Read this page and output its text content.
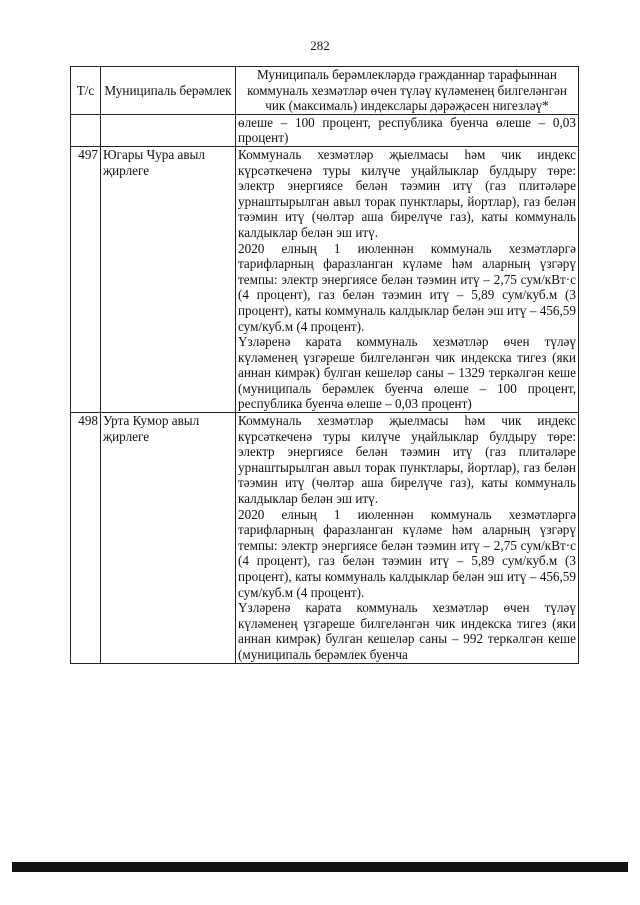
282
Т/с	Муниципаль берәмлек	Муниципаль берәмлекләрдә гражданнар тарафыннан коммуналь хезмәтләр өчен түләү күләменең билгеләнгән чик (максималь) индекслары дәрәҗәсен нигезләү*

		өлеше – 100 процент, республика буенча өлеше – 0,03 процент)

497	Югары Чура авыл җирлеге	Коммуналь хезмәтләр җыелмасы һәм чик индекс күрсәткеченә туры килүче уңайлыклар булдыру төре: электр энергиясе белән тәэмин итү (газ плитәләре урнаштырылган авыл торак пунктлары, йортлар), газ белән тәэмин итү (чөлтәр аша бирелүче газ), каты коммуналь калдыклар белән эш итү.

2020 елның 1 июленнән коммуналь хезмәтләргә тарифларның фаразланган күләме һәм аларның үзгәрү темпы: электр энергиясе белән тәэмин итү – 2,75 сум/кВт·с (4 процент), газ белән тәэмин итү – 5,89 сум/куб.м (3 процент), каты коммуналь калдыклар белән эш итү – 456,59 сум/куб.м (4 процент).

Үзләренә карата коммуналь хезмәтләр өчен түләү күләменең үзгәреше билгеләнгән чик индекска тигез (яки аннан кимрәк) булган кешеләр саны – 1329 теркәлгән кеше (муниципаль берәмлек буенча өлеше – 100 процент, республика буенча өлеше – 0,03 процент)

498	Урта Кумор авыл җирлеге	Коммуналь хезмәтләр җыелмасы һәм чик индекс күрсәткеченә туры килүче уңайлыклар булдыру төре: электр энергиясе белән тәэмин итү (газ плитәләре урнаштырылган авыл торак пунктлары, йортлар), газ белән тәэмин итү (чөлтәр аша бирелүче газ), каты коммуналь калдыклар белән эш итү.

2020 елның 1 июленнән коммуналь хезмәтләргә тарифларның фаразланган күләме һәм аларның үзгәрү темпы: электр энергиясе белән тәэмин итү – 2,75 сум/кВт·с (4 процент), газ белән тәэмин итү – 5,89 сум/куб.м (3 процент), каты коммуналь калдыклар белән эш итү – 456,59 сум/куб.м (4 процент).

Үзләренә карата коммуналь хезмәтләр өчен түләү күләменең үзгәреше билгеләнгән чик индекска тигез (яки аннан кимрәк) булган кешеләр саны – 992 теркәлгән кеше (муниципаль берәмлек буенча
